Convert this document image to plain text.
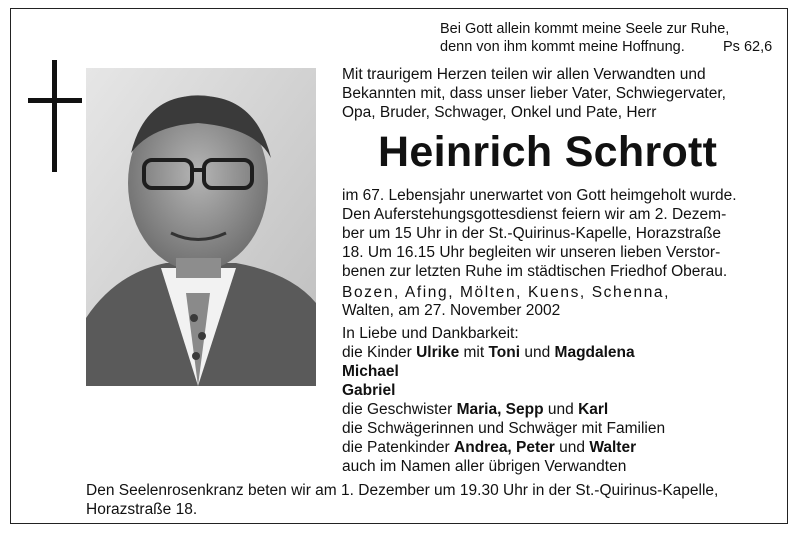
Bei Gott allein kommt meine Seele zur Ruhe,
denn von ihm kommt meine Hoffnung.	Ps 62,6
Mit traurigem Herzen teilen wir allen Verwandten und
Bekannten mit, dass unser lieber Vater, Schwiegervater,
Opa, Bruder, Schwager, Onkel und Pate, Herr
Heinrich Schrott
im 67. Lebensjahr unerwartet von Gott heimgeholt wurde.
Den Auferstehungsgottesdienst feiern wir am 2. Dezem-
ber um 15 Uhr in der St.-Quirinus-Kapelle, Horazstraße
18. Um 16.15 Uhr begleiten wir unseren lieben Verstor-
benen zur letzten Ruhe im städtischen Friedhof Oberau.
Bozen, Afing, Mölten, Kuens, Schenna,
Walten, am 27. November 2002
In Liebe und Dankbarkeit:
die Kinder Ulrike mit Toni und Magdalena
Michael
Gabriel
die Geschwister Maria, Sepp und Karl
die Schwägerinnen und Schwäger mit Familien
die Patenkinder Andrea, Peter und Walter
auch im Namen aller übrigen Verwandten
Den Seelenrosenkranz beten wir am 1. Dezember um 19.30 Uhr in der St.-Quirinus-Kapelle,
Horazstraße 18.
